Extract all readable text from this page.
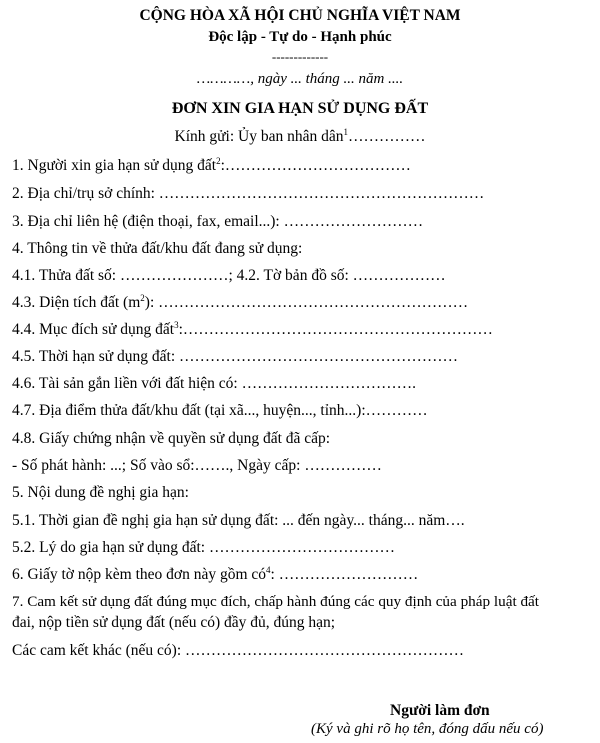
CỘNG HÒA XÃ HỘI CHỦ NGHĨA VIỆT NAM
Độc lập - Tự do - Hạnh phúc
-------------
…………, ngày ... tháng ... năm ....
ĐƠN XIN GIA HẠN SỬ DỤNG ĐẤT
Kính gửi: Ủy ban nhân dân$^1$……………
1. Người xin gia hạn sử dụng đất$^2$:………………………………
2. Địa chỉ/trụ sở chính: ………………………………………………………
3. Địa chỉ liên hệ (điện thoại, fax, email...): ………………………
4. Thông tin về thửa đất/khu đất đang sử dụng:
4.1. Thửa đất số: …………………; 4.2. Tờ bản đồ số: ………………
4.3. Diện tích đất $(m^2)$: ……………………………………………………
4.4. Mục đích sử dụng đất$^3$:……………………………………………………
4.5. Thời hạn sử dụng đất: ………………………………………………
4.6. Tài sản gắn liền với đất hiện có: …………………………….
4.7. Địa điểm thửa đất/khu đất (tại xã..., huyện..., tỉnh...):…………
4.8. Giấy chứng nhận về quyền sử dụng đất đã cấp:
- Số phát hành: ...; Số vào sổ:……., Ngày cấp: ……………
5. Nội dung đề nghị gia hạn:
5.1. Thời gian đề nghị gia hạn sử dụng đất: ... đến ngày... tháng... năm….
5.2. Lý do gia hạn sử dụng đất: ………………………………
6. Giấy tờ nộp kèm theo đơn này gồm $có^4$: ………………………
7. Cam kết sử dụng đất đúng mục đích, chấp hành đúng các quy định của pháp luật đất
đai, nộp tiền sử dụng đất (nếu có) đầy đủ, đúng hạn;
Các cam kết khác (nếu có): ………………………………………………
Người làm đơn
(Ký và ghi rõ họ tên, đóng dấu nếu có)
